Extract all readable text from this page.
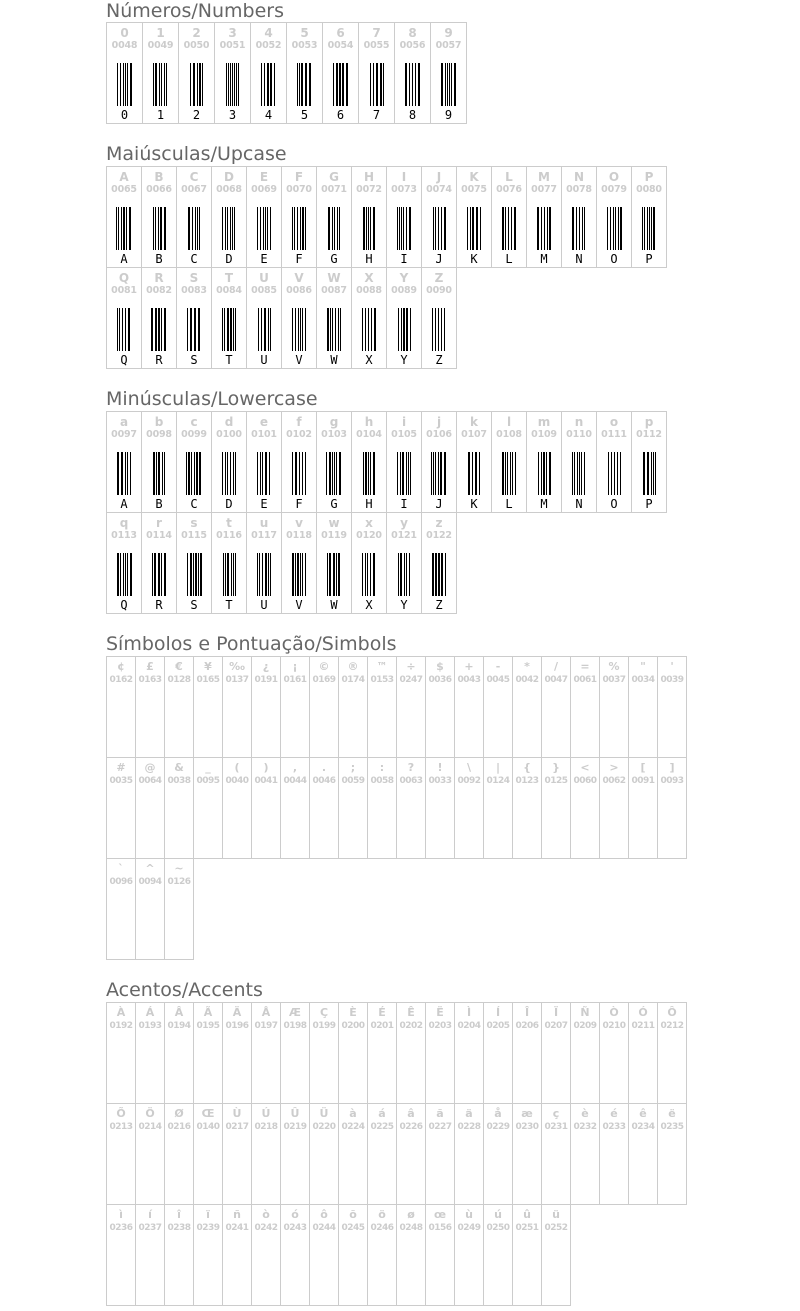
Números/Numbers
0
0048
0
1
0049
1
2
0050
2
3
0051
3
4
0052
4
5
0053
5
6
0054
6
7
0055
7
8
0056
8
9
0057
9
Maiúsculas/Upcase
A
0065
A
B
0066
B
C
0067
C
D
0068
D
E
0069
E
F
0070
F
G
0071
G
H
0072
H
I
0073
I
J
0074
J
K
0075
K
L
0076
L
M
0077
M
N
0078
N
O
0079
O
P
0080
P
Q
0081
Q
R
0082
R
S
0083
S
T
0084
T
U
0085
U
V
0086
V
W
0087
W
X
0088
X
Y
0089
Y
Z
0090
Z
Minúsculas/Lowercase
a
0097
A
b
0098
B
c
0099
C
d
0100
D
e
0101
E
f
0102
F
g
0103
G
h
0104
H
i
0105
I
j
0106
J
k
0107
K
l
0108
L
m
0109
M
n
0110
N
o
0111
O
p
0112
P
q
0113
Q
r
0114
R
s
0115
S
t
0116
T
u
0117
U
v
0118
V
w
0119
W
x
0120
X
y
0121
Y
z
0122
Z
Símbolos e Pontuação/Simbols
¢
0162
£
0163
€
0128
¥
0165
‰
0137
¿
0191
¡
0161
©
0169
®
0174
™
0153
÷
0247
$
0036
+
0043
-
0045
*
0042
/
0047
=
0061
%
0037
"
0034
'
0039
#
0035
@
0064
&
0038
_
0095
(
0040
)
0041
,
0044
.
0046
;
0059
:
0058
?
0063
!
0033
\
0092
|
0124
{
0123
}
0125
<
0060
>
0062
[
0091
]
0093
`
0096
^
0094
~
0126
Acentos/Accents
À
0192
Á
0193
Â
0194
Ã
0195
Ä
0196
Å
0197
Æ
0198
Ç
0199
È
0200
É
0201
Ê
0202
Ë
0203
Ì
0204
Í
0205
Î
0206
Ï
0207
Ñ
0209
Ò
0210
Ó
0211
Ô
0212
Õ
0213
Ö
0214
Ø
0216
Œ
0140
Ù
0217
Ú
0218
Û
0219
Ü
0220
à
0224
á
0225
â
0226
ã
0227
ä
0228
å
0229
æ
0230
ç
0231
è
0232
é
0233
ê
0234
ë
0235
ì
0236
í
0237
î
0238
ï
0239
ñ
0241
ò
0242
ó
0243
ô
0244
õ
0245
ö
0246
ø
0248
œ
0156
ù
0249
ú
0250
û
0251
ü
0252
